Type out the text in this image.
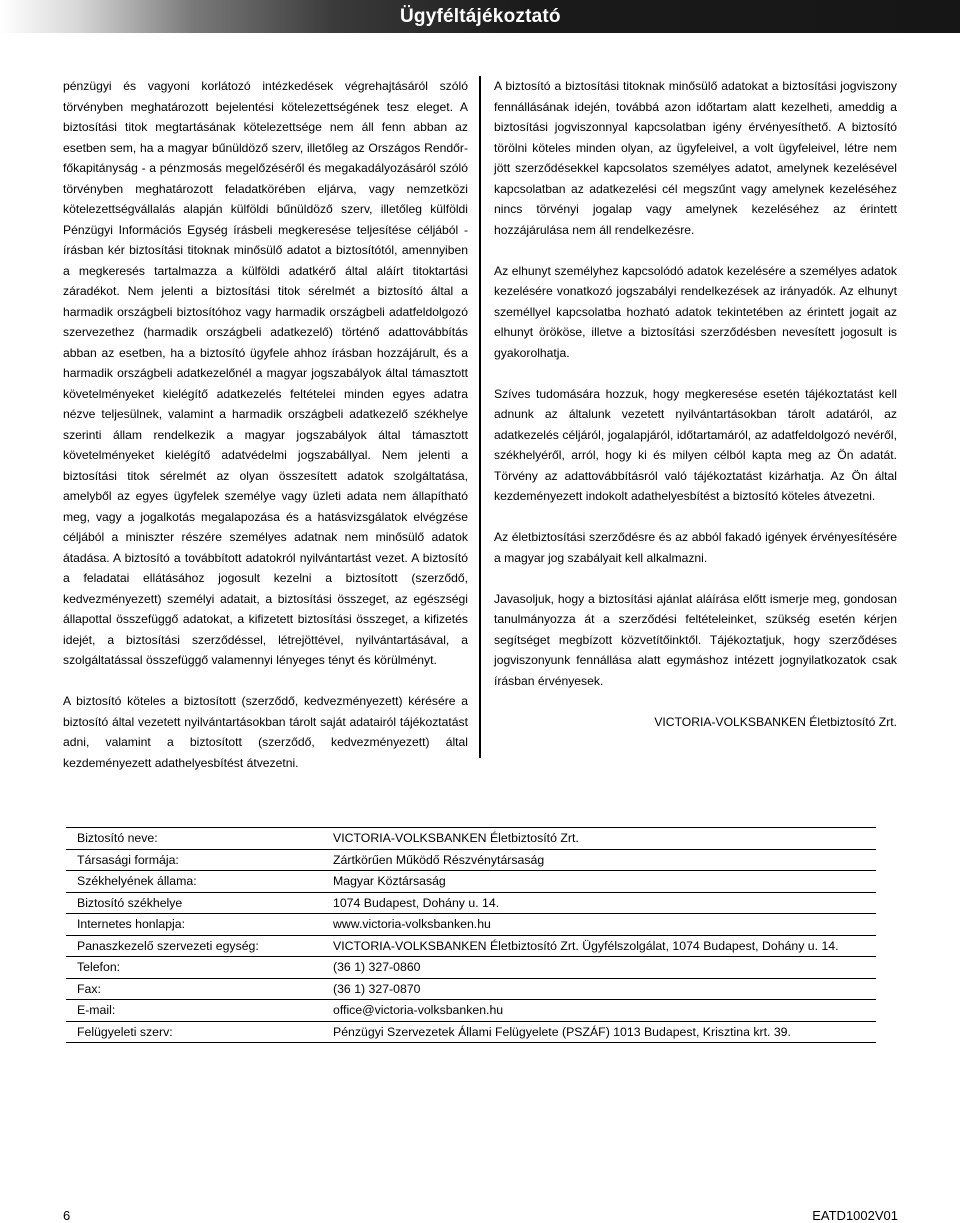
Ügyféltájékoztató

pénzügyi és vagyoni korlátozó intézkedések végrehajtásáról szóló törvényben meghatározott bejelentési kötelezettségének tesz eleget. A biztosítási titok megtartásának kötelezettsége nem áll fenn abban az esetben sem, ha a magyar bűnüldöző szerv, illetőleg az Országos Rendőr-főkapitányság - a pénzmosás megelőzéséről és megakadályozásáról szóló törvényben meghatározott feladatkörében eljárva, vagy nemzetközi kötelezettségvállalás alapján külföldi bűnüldöző szerv, illetőleg külföldi Pénzügyi Információs Egység írásbeli megkeresése teljesítése céljából - írásban kér biztosítási titoknak minősülő adatot a biztosítótól, amennyiben a megkeresés tartalmazza a külföldi adatkérő által aláírt titoktartási záradékot. Nem jelenti a biztosítási titok sérelmét a biztosító által a harmadik országbeli biztosítóhoz vagy harmadik országbeli adatfeldolgozó szervezethez (harmadik országbeli adatkezelő) történő adattovábbítás abban az esetben, ha a biztosító ügyfele ahhoz írásban hozzájárult, és a harmadik országbeli adatkezelőnél a magyar jogszabályok által támasztott követelményeket kielégítő adatkezelés feltételei minden egyes adatra nézve teljesülnek, valamint a harmadik országbeli adatkezelő székhelye szerinti állam rendelkezik a magyar jogszabályok által támasztott követelményeket kielégítő adatvédelmi jogszabállyal. Nem jelenti a biztosítási titok sérelmét az olyan összesített adatok szolgáltatása, amelyből az egyes ügyfelek személye vagy üzleti adata nem állapítható meg, vagy a jogalkotás megalapozása és a hatásvizsgálatok elvégzése céljából a miniszter részére személyes adatnak nem minősülő adatok átadása. A biztosító a továbbított adatokról nyilvántartást vezet. A biztosító a feladatai ellátásához jogosult kezelni a biztosított (szerződő, kedvezményezett) személyi adatait, a biztosítási összeget, az egészségi állapottal összefüggő adatokat, a kifizetett biztosítási összeget, a kifizetés idejét, a biztosítási szerződéssel, létrejöttével, nyilvántartásával, a szolgáltatással összefüggő valamennyi lényeges tényt és körülményt.

A biztosító köteles a biztosított (szerződő, kedvezményezett) kérésére a biztosító által vezetett nyilvántartásokban tárolt saját adatairól tájékoztatást adni, valamint a biztosított (szerződő, kedvezményezett) által kezdeményezett adathelyesbítést átvezetni.

A biztosító a biztosítási titoknak minősülő adatokat a biztosítási jogviszony fennállásának idején, továbbá azon időtartam alatt kezelheti, ameddig a biztosítási jogviszonnyal kapcsolatban igény érvényesíthető. A biztosító törölni köteles minden olyan, az ügyfeleivel, a volt ügyfeleivel, létre nem jött szerződésekkel kapcsolatos személyes adatot, amelynek kezelésével kapcsolatban az adatkezelési cél megszűnt vagy amelynek kezeléséhez nincs törvényi jogalap vagy amelynek kezeléséhez az érintett hozzájárulása nem áll rendelkezésre.

Az elhunyt személyhez kapcsolódó adatok kezelésére a személyes adatok kezelésére vonatkozó jogszabályi rendelkezések az irányadók. Az elhunyt személlyel kapcsolatba hozható adatok tekintetében az érintett jogait az elhunyt örököse, illetve a biztosítási szerződésben nevesített jogosult is gyakorolhatja.

Szíves tudomására hozzuk, hogy megkeresése esetén tájékoztatást kell adnunk az általunk vezetett nyilvántartásokban tárolt adatáról, az adatkezelés céljáról, jogalapjáról, időtartamáról, az adatfeldolgozó nevéről, székhelyéről, arról, hogy ki és milyen célból kapta meg az Ön adatát. Törvény az adattovábbításról való tájékoztatást kizárhatja. Az Ön által kezdeményezett indokolt adathelyesbítést a biztosító köteles átvezetni.

Az életbiztosítási szerződésre és az abból fakadó igények érvényesítésére a magyar jog szabályait kell alkalmazni.

Javasoljuk, hogy a biztosítási ajánlat aláírása előtt ismerje meg, gondosan tanulmányozza át a szerződési feltételeinket, szükség esetén kérjen segítséget megbízott közvetítőinktől. Tájékoztatjuk, hogy szerződéses jogviszonyunk fennállása alatt egymáshoz intézett jognyilatkozatok csak írásban érvényesek.

VICTORIA-VOLKSBANKEN Életbiztosító Zrt.

Biztosító neve:	VICTORIA-VOLKSBANKEN Életbiztosító Zrt.
Társasági formája:	Zártkörűen Működő Részvénytársaság
Székhelyének állama:	Magyar Köztársaság
Biztosító székhelye	1074 Budapest, Dohány u. 14.
Internetes honlapja:	www.victoria-volksbanken.hu
Panaszkezelő szervezeti egység:	VICTORIA-VOLKSBANKEN Életbiztosító Zrt. Ügyfélszolgálat, 1074 Budapest, Dohány u. 14.
Telefon:	(36 1) 327-0860
Fax:	(36 1) 327-0870
E-mail:	office@victoria-volksbanken.hu
Felügyeleti szerv:	Pénzügyi Szervezetek Állami Felügyelete (PSZÁF) 1013 Budapest, Krisztina krt. 39.
6	EATD1002V01
